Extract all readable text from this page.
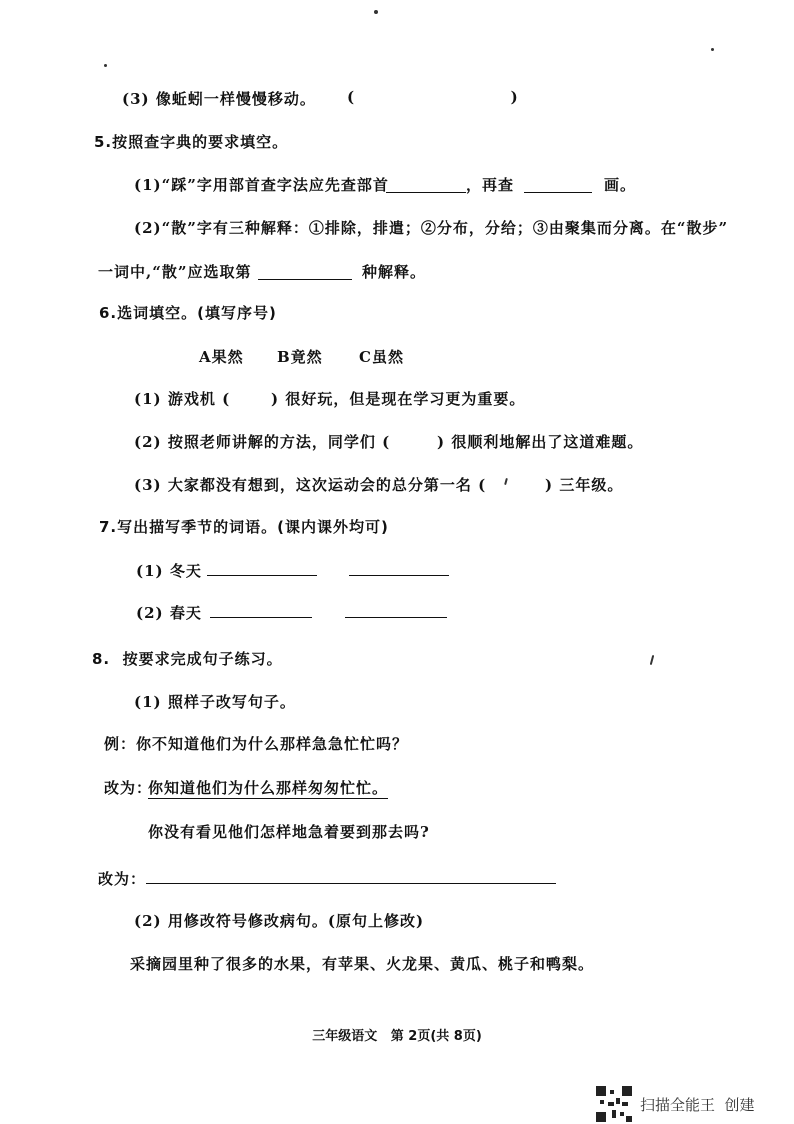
(3) 像蚯蚓一样慢慢移动。 (                         )
5.按照查字典的要求填空。
(1)“踩”字用部首查字法应先查部首	，再查	画。
(2)“散”字有三种解释：①排除，排遣；②分布，分给；③由聚集而分离。在“散步”
一词中,“散”应选取第	种解释。
6.选词填空。(填写序号)
A果然 B竟然 C虽然
(1) 游戏机 (	) 很好玩，但是现在学习更为重要。
(2) 按照老师讲解的方法，同学们 (	) 很顺利地解出了这道难题。
(3) 大家都没有想到，这次运动会的总分第一名 (	) 三年级。
7.写出描写季节的词语。(课内课外均可)
(1) 冬天
(2) 春天
8.  按要求完成句子练习。
(1) 照样子改写句子。
例：你不知道他们为什么那样急急忙忙吗？
改为：
你知道他们为什么那样匆匆忙忙。
你没有看见他们怎样地急着要到那去吗?
改为：
(2) 用修改符号修改病句。(原句上修改)
采摘园里种了很多的水果，有苹果、火龙果、黄瓜、桃子和鸭梨。
三年级语文   第 2页(共 8页)
扫描全能王  创建
